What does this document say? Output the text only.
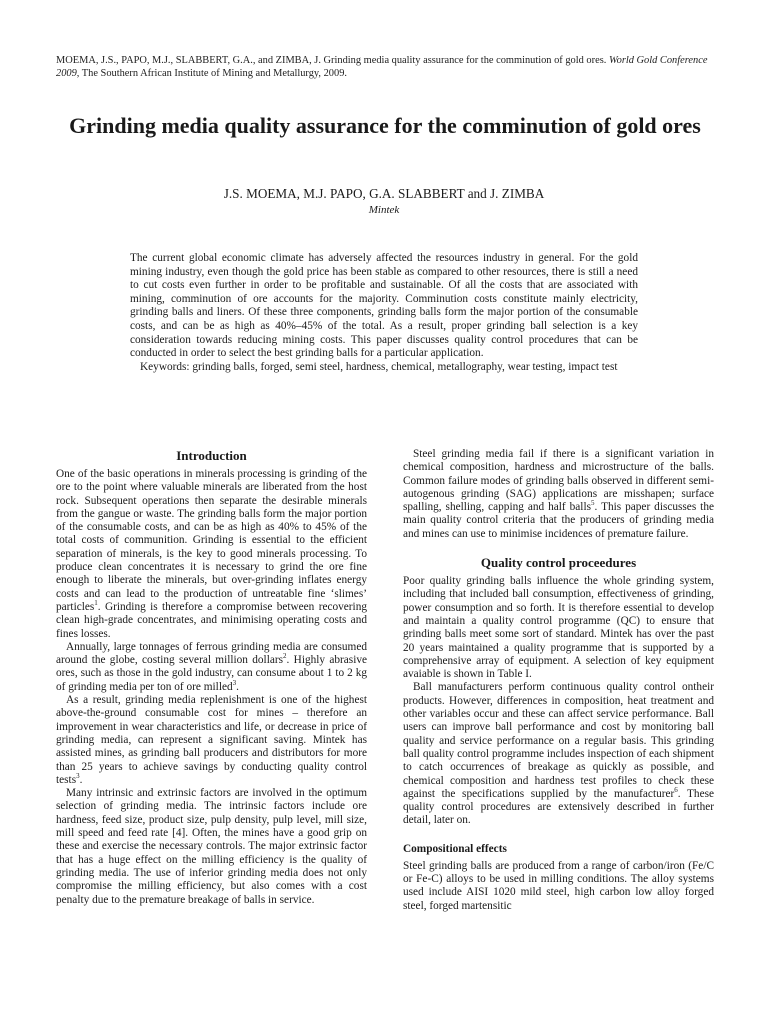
MOEMA, J.S., PAPO, M.J., SLABBERT, G.A., and ZIMBA, J. Grinding media quality assurance for the comminution of gold ores. World Gold Conference 2009, The Southern African Institute of Mining and Metallurgy, 2009.
Grinding media quality assurance for the comminution of gold ores
J.S. MOEMA, M.J. PAPO, G.A. SLABBERT and J. ZIMBA
Mintek

The current global economic climate has adversely affected the resources industry in general. For the gold mining industry, even though the gold price has been stable as compared to other resources, there is still a need to cut costs even further in order to be profitable and sustainable. Of all the costs that are associated with mining, comminution of ore accounts for the majority. Comminution costs constitute mainly electricity, grinding balls and liners. Of these three components, grinding balls form the major portion of the consumable costs, and can be as high as 40%–45% of the total. As a result, proper grinding ball selection is a key consideration towards reducing mining costs. This paper discusses quality control procedures that can be conducted in order to select the best grinding balls for a particular application.

Keywords: grinding balls, forged, semi steel, hardness, chemical, metallography, wear testing, impact test

Introduction

One of the basic operations in minerals processing is grinding of the ore to the point where valuable minerals are liberated from the host rock. Subsequent operations then separate the desirable minerals from the gangue or waste. The grinding balls form the major portion of the consumable costs, and can be as high as 40% to 45% of the total costs of communition. Grinding is essential to the efficient separation of minerals, is the key to good minerals processing. To produce clean concentrates it is necessary to grind the ore fine enough to liberate the minerals, but over-grinding inflates energy costs and can lead to the production of untreatable fine ‘slimes’ particles$^1$. Grinding is therefore a compromise between recovering clean high-grade concentrates, and minimising operating costs and fines losses.

Annually, large tonnages of ferrous grinding media are consumed around the globe, costing several million dollars$^2$. Highly abrasive ores, such as those in the gold industry, can consume about 1 to 2 kg of grinding media per ton of ore milled$^3$.

As a result, grinding media replenishment is one of the highest above-the-ground consumable cost for mines – therefore an improvement in wear characteristics and life, or decrease in price of grinding media, can represent a significant saving. Mintek has assisted mines, as grinding ball producers and distributors for more than 25 years to achieve savings by conducting quality control tests$^3$.

Many intrinsic and extrinsic factors are involved in the optimum selection of grinding media. The intrinsic factors include ore hardness, feed size, product size, pulp density, pulp level, mill size, mill speed and feed rate [4]. Often, the mines have a good grip on these and exercise the necessary controls. The major extrinsic factor that has a huge effect on the milling efficiency is the quality of grinding media. The use of inferior grinding media does not only compromise the milling efficiency, but also comes with a cost penalty due to the premature breakage of balls in service.

Steel grinding media fail if there is a significant variation in chemical composition, hardness and microstructure of the balls. Common failure modes of grinding balls observed in different semi-autogenous grinding (SAG) applications are misshapen; surface spalling, shelling, capping and half balls$^5$. This paper discusses the main quality control criteria that the producers of grinding media and mines can use to minimise incidences of premature failure.

Quality control proceedures

Poor quality grinding balls influence the whole grinding system, including that included ball consumption, effectiveness of grinding, power consumption and so forth. It is therefore essential to develop and maintain a quality control programme (QC) to ensure that grinding balls meet some sort of standard. Mintek has over the past 20 years maintained a quality programme that is supported by a comprehensive array of equipment. A selection of key equipment avaiable is shown in Table I.

Ball manufacturers perform continuous quality control ontheir products. However, differences in composition, heat treatment and other variables occur and these can affect service performance. Ball users can improve ball performance and cost by monitoring ball quality and service performance on a regular basis. This grinding ball quality control programme includes inspection of each shipment to catch occurrences of breakage as quickly as possible, and chemical composition and hardness test profiles to check these against the specifications supplied by the manufacturer$^6$. These quality control procedures are extensively described in further detail, later on.

Compositional effects

Steel grinding balls are produced from a range of carbon/iron (Fe/C or Fe-C) alloys to be used in milling conditions. The alloy systems used include AISI 1020 mild steel, high carbon low alloy forged steel, forged martensitic
